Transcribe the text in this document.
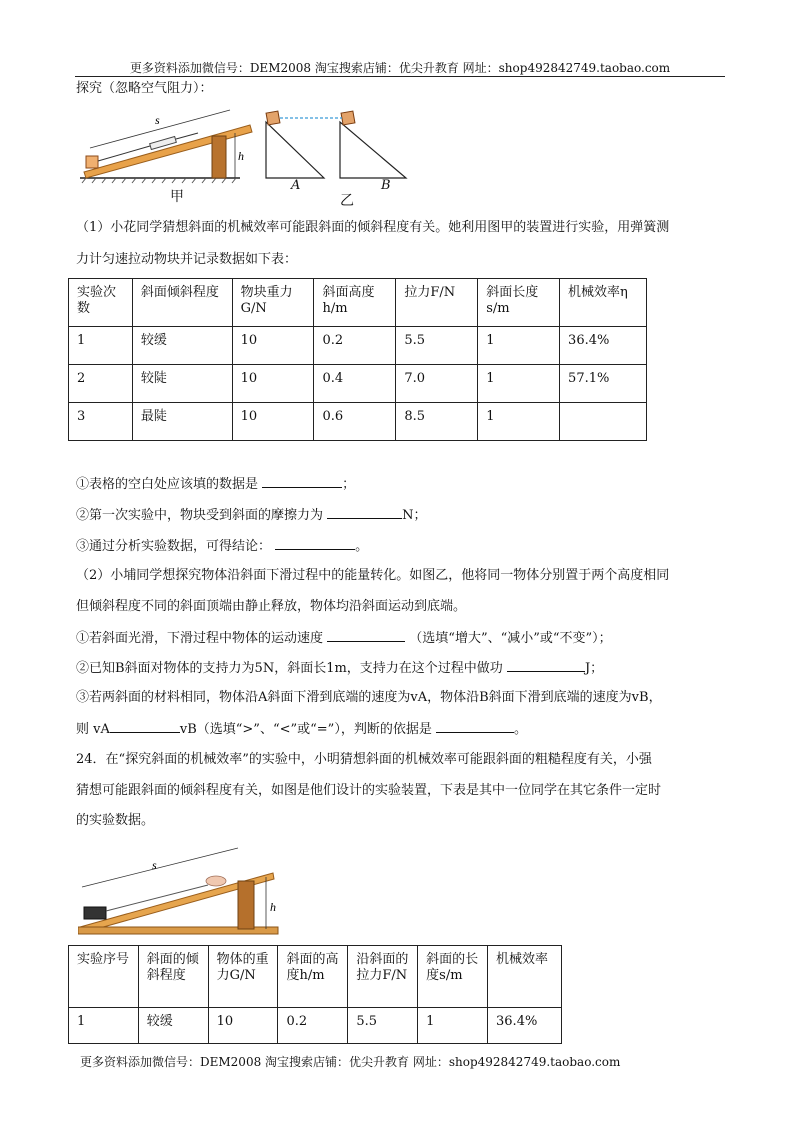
更多资料添加微信号：DEM2008 淘宝搜索店铺：优尖升教育 网址：shop492842749.taobao.com
探究（忽略空气阻力）：
s
h
甲
A	B
乙
（1）小花同学猜想斜面的机械效率可能跟斜面的倾斜程度有关。她利用图甲的装置进行实验，用弹簧测
力计匀速拉动物块并记录数据如下表：
实验次数	斜面倾斜程度	物块重力G/N	斜面高度h/m	拉力F/N	斜面长度s/m	机械效率η
1	较缓	10	0.2	5.5	1	36.4%
2	较陡	10	0.4	7.0	1	57.1%
3	最陡	10	0.6	8.5	1	
①表格的空白处应该填的数据是	；
②第一次实验中，物块受到斜面的摩擦力为	N；
③通过分析实验数据，可得结论：	。
（2）小埔同学想探究物体沿斜面下滑过程中的能量转化。如图乙，他将同一物体分别置于两个高度相同
但倾斜程度不同的斜面顶端由静止释放，物体均沿斜面运动到底端。
①若斜面光滑，下滑过程中物体的运动速度	（选填“增大”、“减小”或“不变”）；
②已知B斜面对物体的支持力为5N，斜面长1m，支持力在这个过程中做功	J；
③若两斜面的材料相同，物体沿A斜面下滑到底端的速度为vA，物体沿B斜面下滑到底端的速度为vB，
则 vA	vB（选填“>”、“<”或“=”），判断的依据是	。
24．在“探究斜面的机械效率”的实验中，小明猜想斜面的机械效率可能跟斜面的粗糙程度有关，小强
猜想可能跟斜面的倾斜程度有关，如图是他们设计的实验装置，下表是其中一位同学在其它条件一定时
的实验数据。
s
h
实验序号	斜面的倾斜程度	物体的重力G/N	斜面的高度h/m	沿斜面的拉力F/N	斜面的长度s/m	机械效率
1	较缓	10	0.2	5.5	1	36.4%
更多资料添加微信号：DEM2008 淘宝搜索店铺：优尖升教育 网址：shop492842749.taobao.com
